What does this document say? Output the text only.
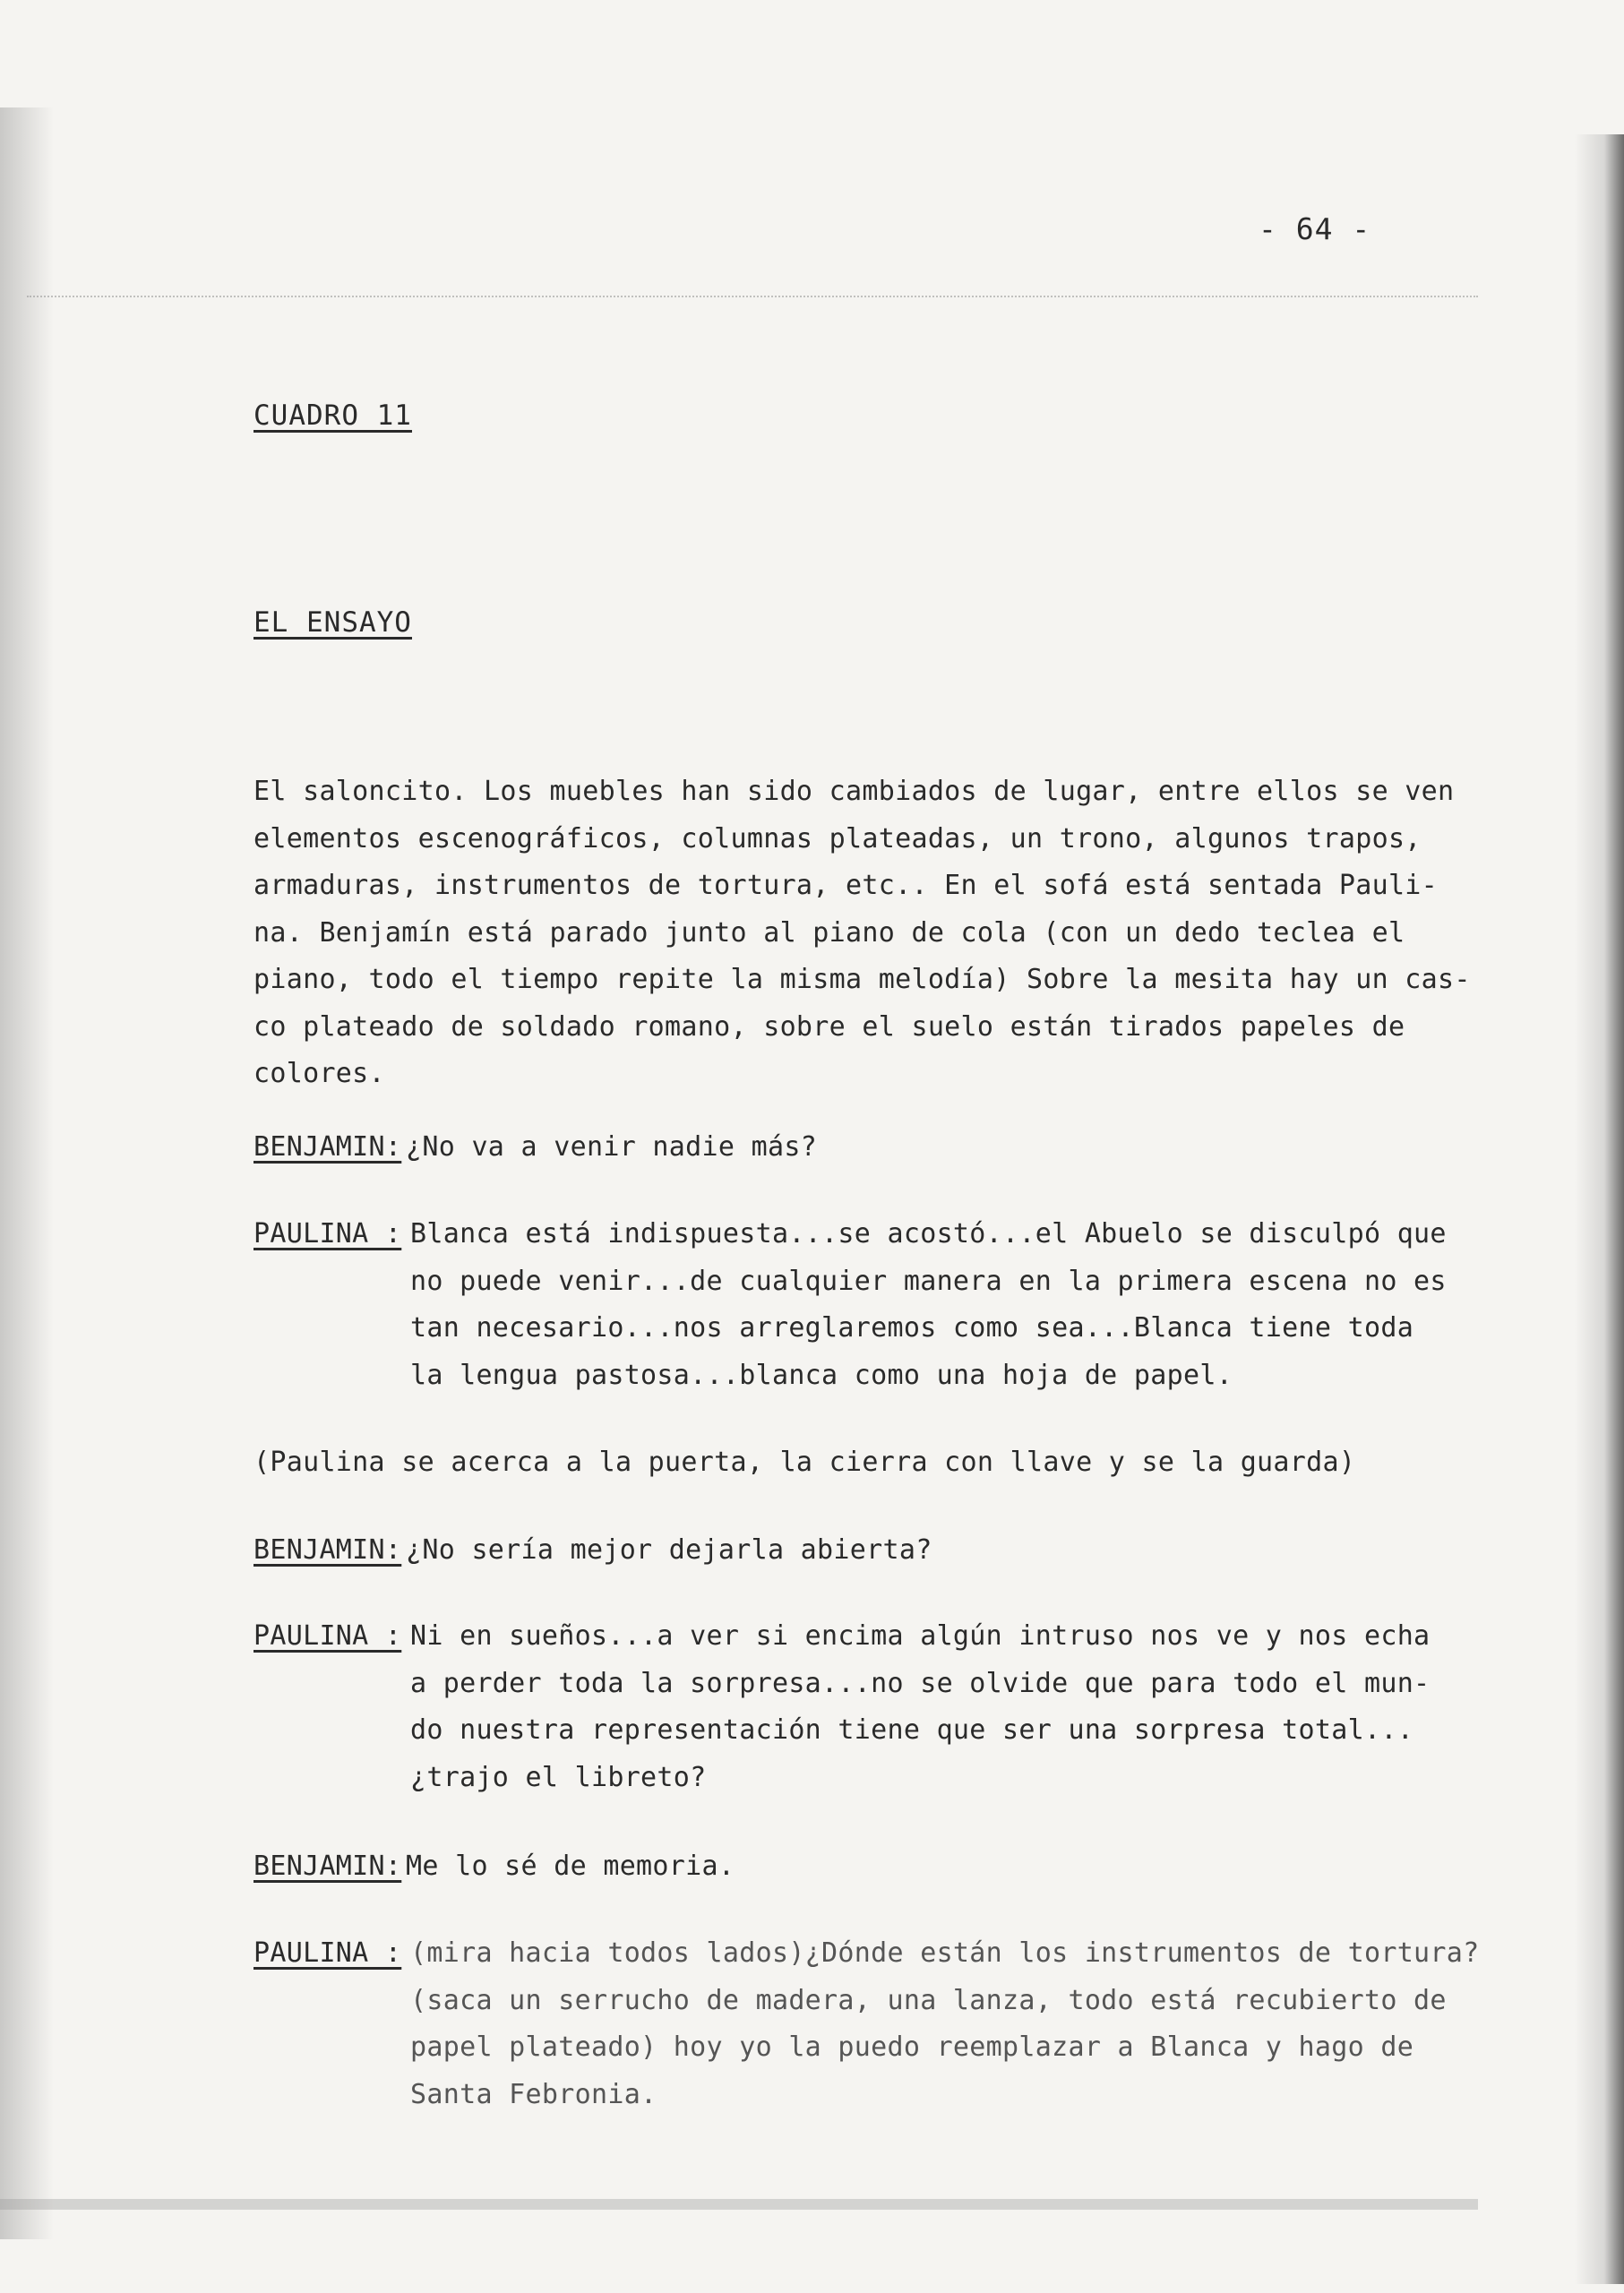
- 64 -
CUADRO 11
EL ENSAYO
El saloncito. Los muebles han sido cambiados de lugar, entre ellos se ven
elementos escenográficos, columnas plateadas, un trono, algunos trapos,
armaduras, instrumentos de tortura, etc.. En el sofá está sentada Pauli-
na. Benjamín está parado junto al piano de cola (con un dedo teclea el
piano, todo el tiempo repite la misma melodía) Sobre la mesita hay un cas-
co plateado de soldado romano, sobre el suelo están tirados papeles de
colores.
BENJAMIN: ¿No va a venir nadie más?
PAULINA : Blanca está indispuesta...se acostó...el Abuelo se disculpó que
no puede venir...de cualquier manera en la primera escena no es
tan necesario...nos arreglaremos como sea...Blanca tiene toda
la lengua pastosa...blanca como una hoja de papel.
(Paulina se acerca a la puerta, la cierra con llave y se la guarda)
BENJAMIN: ¿No sería mejor dejarla abierta?
PAULINA : Ni en sueños...a ver si encima algún intruso nos ve y nos echa
a perder toda la sorpresa...no se olvide que para todo el mun-
do nuestra representación tiene que ser una sorpresa total...
¿trajo el libreto?
BENJAMIN: Me lo sé de memoria.
PAULINA : (mira hacia todos lados)¿Dónde están los instrumentos de tortura?
(saca un serrucho de madera, una lanza, todo está recubierto de
papel plateado) hoy yo la puedo reemplazar a Blanca y hago de
Santa Febronia.
